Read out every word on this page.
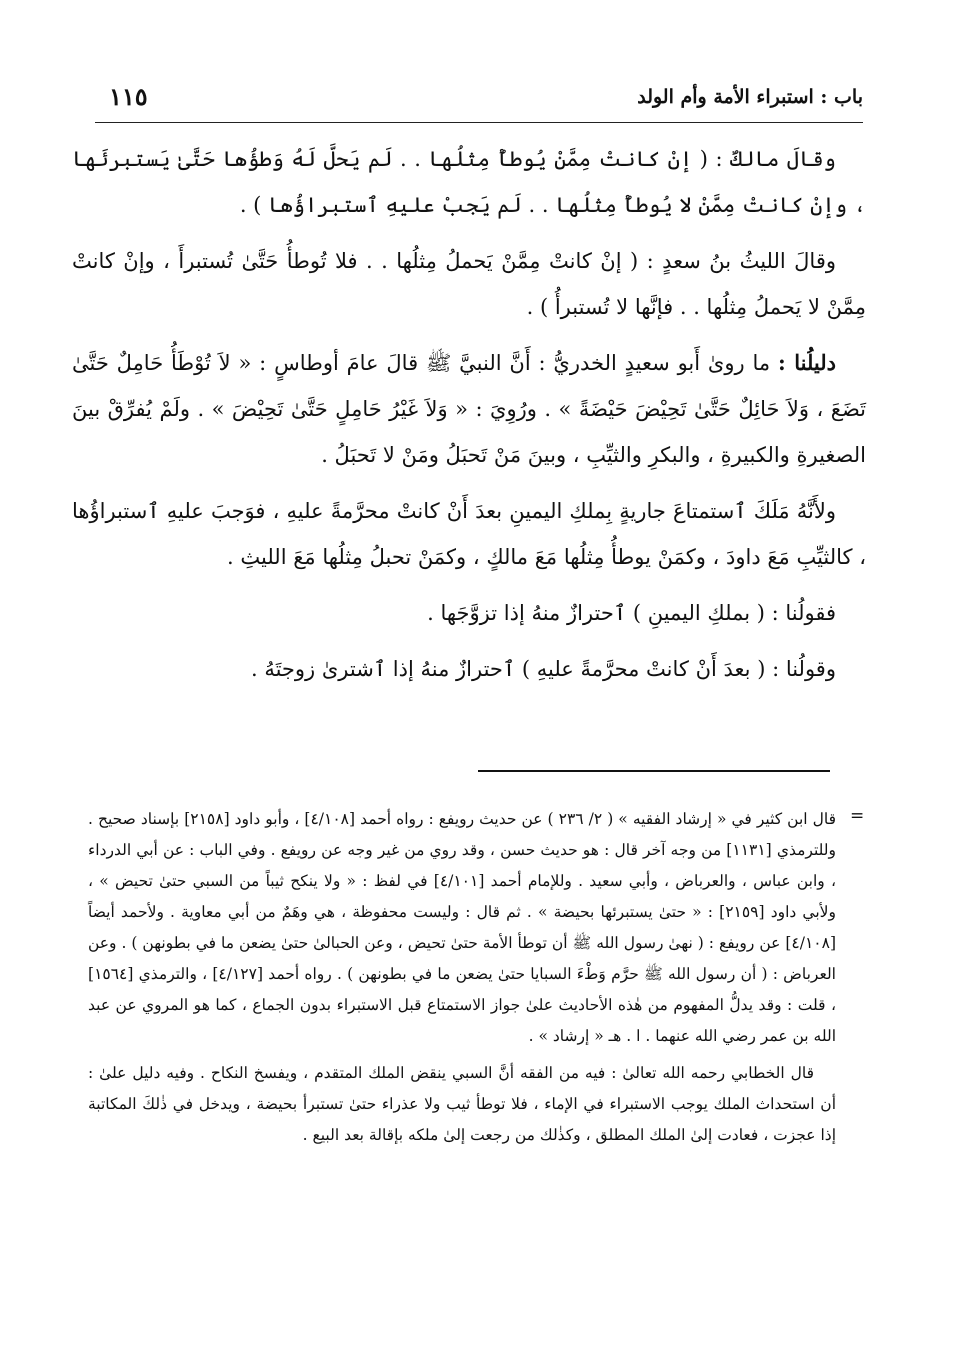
باب : استبراء الأمة وأم الولد
١١٥

وقالَ مالكٌ : ( إنْ كانتْ مِمَّنْ يُوطأُ مِثلُها . . لَم يَحلَّ لَهُ وَطؤُها حَتَّىٰ يَستبرئَها ، وإنْ كانتْ مِمَّنْ لا يُوطأُ مِثلُها . . لَم يَجبْ عليهِ ٱستبراؤُها ) .

وقالَ الليثُ بنُ سعدٍ : ( إنْ كانتْ مِمَّنْ يَحملُ مِثلُها . . فلا تُوطأُ حَتَّىٰ تُستبرأَ ، وإنْ كانتْ مِمَّنْ لا يَحملُ مِثلُها . . فإنَّها لا تُستبرأُ ) .

دليلُنا : ما روىٰ أَبو سعيدٍ الخدريُّ : أَنَّ النبيَّ ﷺ قالَ عامَ أوطاسٍ : « لاَ تُوْطَأُ حَامِلٌ حَتَّىٰ تَضَعَ ، وَلاَ حَائِلٌ حَتَّىٰ تَحِيْضَ حَيْضَةً » . ورُوِيَ : « وَلاَ غَيْرُ حَامِلٍ حَتَّىٰ تَحِيْضَ » . ولَمْ يُفرِّقْ بينَ الصغيرةِ والكبيرةِ ، والبكرِ والثيِّبِ ، وبينَ مَنْ تَحبَلُ ومَنْ لا تَحبَلُ .

ولأَنَّهُ مَلَكَ ٱستمتاعَ جاريةٍ بِملكِ اليمينِ بعدَ أَنْ كانتْ محرَّمةً عليهِ ، فوَجبَ عليهِ ٱستبراؤُها ، كالثيِّبِ مَعَ داودَ ، وكمَنْ يوطأُ مِثلُها مَعَ مالكٍ ، وكمَنْ تحبلُ مِثلُها مَعَ الليثِ .

فقولُنا : ( بملكِ اليمينِ ) ٱحترازٌ منهُ إذا تزوَّجَها .

وقولُنا : ( بعدَ أَنْ كانتْ محرَّمةً عليهِ ) ٱحترازٌ منهُ إذا ٱشترىٰ زوجتَهُ .

=

قال ابن كثير في « إرشاد الفقيه » ( ٢/ ٢٣٦ ) عن حديث رويفع : رواه أحمد [٤/١٠٨] ، وأبو داود [٢١٥٨] بإسناد صحيح . وللترمذي [١١٣١] من وجه آخر قال : هو حديث حسن ، وقد روي من غير وجه عن رويفع . وفي الباب : عن أبي الدرداء ، وابن عباس ، والعرباض ، وأبي سعيد . وللإمام أحمد [٤/١٠١] في لفظ : « ولا ينكح ثيباً من السبي حتىٰ تحيض » ، ولأبي داود [٢١٥٩] : « حتىٰ يستبرئها بحيضة » . ثم قال : وليست محفوظة ، هي وهَمٌ من أبي معاوية . ولأحمد أيضاً [٤/١٠٨] عن رويفع : ( نهىٰ رسول الله ﷺ أن توطأ الأمة حتىٰ تحيض ، وعن الحبالىٰ حتىٰ يضعن ما في بطونهن ) . وعن العرباض : ( أن رسول الله ﷺ حرَّم وَطْءَ السبايا حتىٰ يضعن ما في بطونهن ) . رواه أحمد [٤/١٢٧] ، والترمذي [١٥٦٤] ، قلت : وقد يدلُّ المفهوم من هٰذه الأحاديث علىٰ جواز الاستمتاع قبل الاستبراء بدون الجماع ، كما هو المروي عن عبد الله بن عمر رضي الله عنهما . ا . هـ « إرشاد » .

قال الخطابي رحمه الله تعالىٰ : فيه من الفقه أنَّ السبي ينقض الملك المتقدم ، ويفسخ النكاح . وفيه دليل علىٰ : أن استحداث الملك يوجب الاستبراء في الإماء ، فلا توطأ ثيب ولا عذراء حتىٰ تستبرأ بحيضة ، ويدخل في ذٰلكَ المكاتبة إذا عجزت ، فعادت إلىٰ الملك المطلق ، وكذٰلك من رجعت إلىٰ ملكه بإقالة بعد البيع .
